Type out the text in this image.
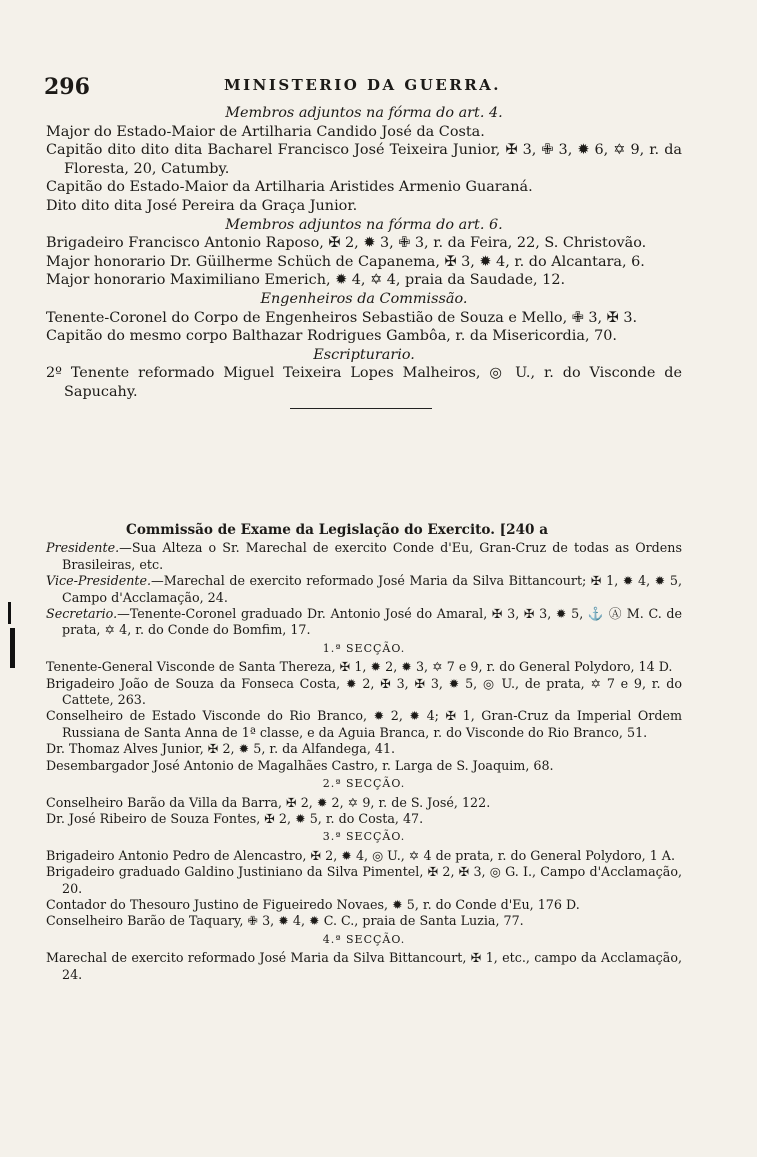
296	MINISTERIO DA GUERRA.
Membros adjuntos na fórma do art. 4.
Major do Estado-Maior de Artilharia Candido José da Costa.
Capitão dito dito dita Bacharel Francisco José Teixeira Junior, ✠ 3, ✙ 3, ✹ 6, ✡ 9, r. da Floresta, 20, Catumby.
Capitão do Estado-Maior da Artilharia Aristides Armenio Guaraná.
Dito dito dita José Pereira da Graça Junior.
Membros adjuntos na fórma do art. 6.
Brigadeiro Francisco Antonio Raposo, ✠ 2, ✹ 3, ✙ 3, r. da Feira, 22, S. Christovão.
Major honorario Dr. Güilherme Schüch de Capanema, ✠ 3, ✹ 4, r. do Alcantara, 6.
Major honorario Maximiliano Emerich, ✹ 4, ✡ 4, praia da Saudade, 12.
Engenheiros da Commissão.
Tenente-Coronel do Corpo de Engenheiros Sebastião de Souza e Mello, ✙ 3, ✠ 3.
Capitão do mesmo corpo Balthazar Rodrigues Gambôa, r. da Misericordia, 70.
Escripturario.
2º Tenente reformado Miguel Teixeira Lopes Malheiros, ◎ U., r. do Visconde de Sapucahy.
Commissão de Exame da Legislação do Exercito. [240 a
Presidente.—Sua Alteza o Sr. Marechal de exercito Conde d'Eu, Gran-Cruz de todas as Ordens Brasileiras, etc.
Vice-Presidente.—Marechal de exercito reformado José Maria da Silva Bittancourt; ✠ 1, ✹ 4, ✹ 5, Campo d'Acclamação, 24.
Secretario.—Tenente-Coronel graduado Dr. Antonio José do Amaral, ✠ 3, ✠ 3, ✹ 5, ⚓ Ⓐ M. C. de prata, ✡ 4, r. do Conde do Bomfim, 17.
1.ª SECÇÃO.
Tenente-General Visconde de Santa Thereza, ✠ 1, ✹ 2, ✹ 3, ✡ 7 e 9, r. do General Polydoro, 14 D.
Brigadeiro João de Souza da Fonseca Costa, ✹ 2, ✠ 3, ✠ 3, ✹ 5, ◎ U., de prata, ✡ 7 e 9, r. do Cattete, 263.
Conselheiro de Estado Visconde do Rio Branco, ✹ 2, ✹ 4; ✠ 1, Gran-Cruz da Imperial Ordem Russiana de Santa Anna de 1ª classe, e da Aguia Branca, r. do Visconde do Rio Branco, 51.
Dr. Thomaz Alves Junior, ✠ 2, ✹ 5, r. da Alfandega, 41.
Desembargador José Antonio de Magalhães Castro, r. Larga de S. Joaquim, 68.
2.ª SECÇÃO.
Conselheiro Barão da Villa da Barra, ✠ 2, ✹ 2, ✡ 9, r. de S. José, 122.
Dr. José Ribeiro de Souza Fontes, ✠ 2, ✹ 5, r. do Costa, 47.
3.ª SECÇÃO.
Brigadeiro Antonio Pedro de Alencastro, ✠ 2, ✹ 4, ◎ U., ✡ 4 de prata, r. do General Polydoro, 1 A.
Brigadeiro graduado Galdino Justiniano da Silva Pimentel, ✠ 2, ✠ 3, ◎ G. I., Campo d'Acclamação, 20.
Contador do Thesouro Justino de Figueiredo Novaes, ✹ 5, r. do Conde d'Eu, 176 D.
Conselheiro Barão de Taquary, ✙ 3, ✹ 4, ✹ C. C., praia de Santa Luzia, 77.
4.ª SECÇÃO.
Marechal de exercito reformado José Maria da Silva Bittancourt, ✠ 1, etc., campo da Acclamação, 24.
